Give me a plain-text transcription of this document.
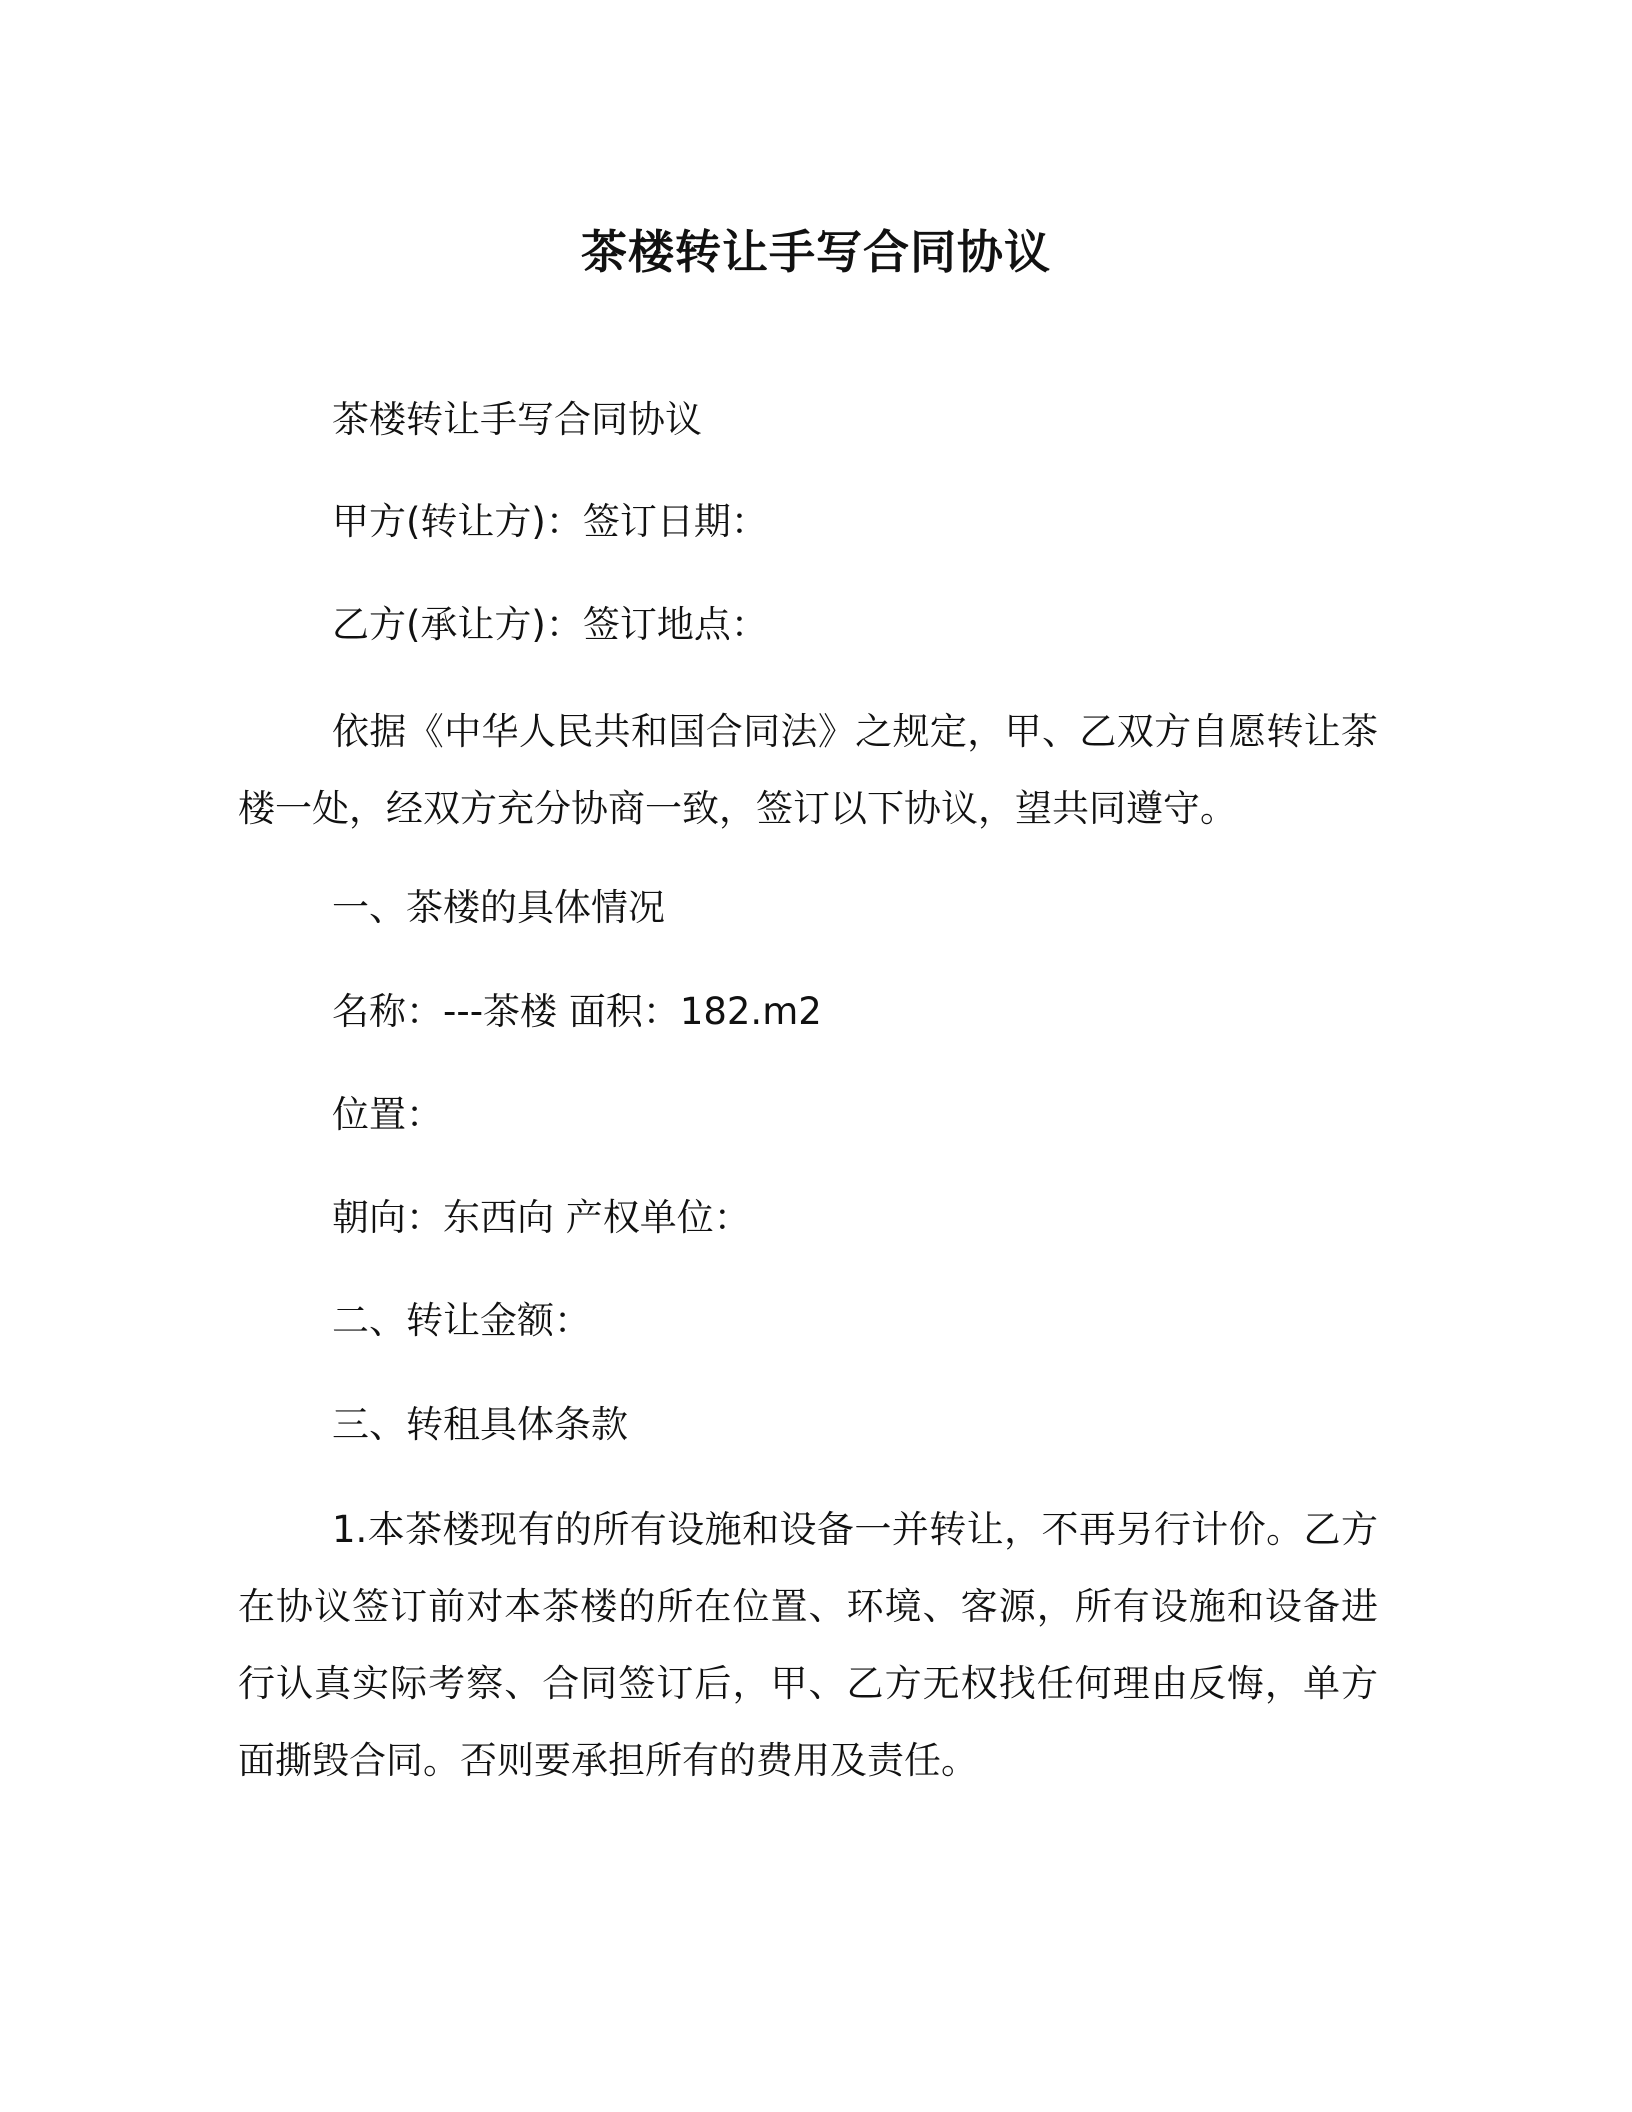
茶楼转让手写合同协议
茶楼转让手写合同协议
甲方(转让方)：签订日期：
乙方(承让方)：签订地点：
依据《中华人民共和国合同法》之规定，甲、乙双方自愿转让茶楼一处，经双方充分协商一致，签订以下协议，望共同遵守。
一、茶楼的具体情况
名称：---茶楼 面积：182.m2
位置：
朝向：东西向 产权单位：
二、转让金额：
三、转租具体条款
1.本茶楼现有的所有设施和设备一并转让，不再另行计价。乙方在协议签订前对本茶楼的所在位置、环境、客源，所有设施和设备进行认真实际考察、合同签订后，甲、乙方无权找任何理由反悔，单方面撕毁合同。否则要承担所有的费用及责任。
